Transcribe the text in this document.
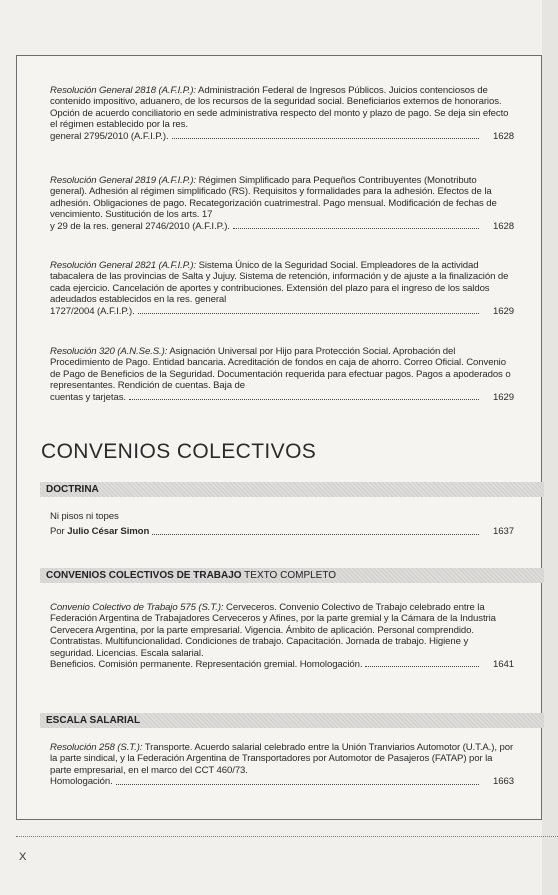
Resolución General 2818 (A.F.I.P.): Administración Federal de Ingresos Públicos. Juicios contenciosos de contenido impositivo, aduanero, de los recursos de la seguridad social. Beneficiarios externos de honorarios. Opción de acuerdo conciliatorio en sede administrativa respecto del monto y plazo de pago. Se deja sin efecto el régimen establecido por la res.
general 2795/2010 (A.F.I.P.).	1628
Resolución General 2819 (A.F.I.P.): Régimen Simplificado para Pequeños Contribuyentes (Monotributo general). Adhesión al régimen simplificado (RS). Requisitos y formalidades para la adhesión. Efectos de la adhesión. Obligaciones de pago. Recategorización cuatrimestral. Pago mensual. Modificación de fechas de vencimiento. Sustitución de los arts. 17
y 29 de la res. general 2746/2010 (A.F.I.P.).	1628
Resolución General 2821 (A.F.I.P.): Sistema Único de la Seguridad Social. Empleadores de la actividad tabacalera de las provincias de Salta y Jujuy. Sistema de retención, información y de ajuste a la finalización de cada ejercicio. Cancelación de aportes y contribuciones. Extensión del plazo para el ingreso de los saldos adeudados establecidos en la res. general
1727/2004 (A.F.I.P.).	1629
Resolución 320 (A.N.Se.S.): Asignación Universal por Hijo para Protección Social. Aprobación del Procedimiento de Pago. Entidad bancaria. Acreditación de fondos en caja de ahorro. Correo Oficial. Convenio de Pago de Beneficios de la Seguridad. Documentación requerida para efectuar pagos. Pagos a apoderados o representantes. Rendición de cuentas. Baja de
cuentas y tarjetas.	1629
CONVENIOS COLECTIVOS
DOCTRINA
Ni pisos ni topes
Por Julio César Simon	1637
CONVENIOS COLECTIVOS DE TRABAJO TEXTO COMPLETO
Convenio Colectivo de Trabajo 575 (S.T.): Cerveceros. Convenio Colectivo de Trabajo celebrado entre la Federación Argentina de Trabajadores Cerveceros y Afines, por la parte gremial y la Cámara de la Industria Cervecera Argentina, por la parte empresarial. Vigencia. Ámbito de aplicación. Personal comprendido. Contratistas. Multifuncionalidad. Condiciones de trabajo. Capacitación. Jornada de trabajo. Higiene y seguridad. Licencias. Escala salarial.
Beneficios. Comisión permanente. Representación gremial. Homologación.	1641
ESCALA SALARIAL
Resolución 258 (S.T.): Transporte. Acuerdo salarial celebrado entre la Unión Tranviarios Automotor (U.T.A.), por la parte sindical, y la Federación Argentina de Transportadores por Automotor de Pasajeros (FATAP) por la parte empresarial, en el marco del CCT 460/73.
Homologación.	1663
X
